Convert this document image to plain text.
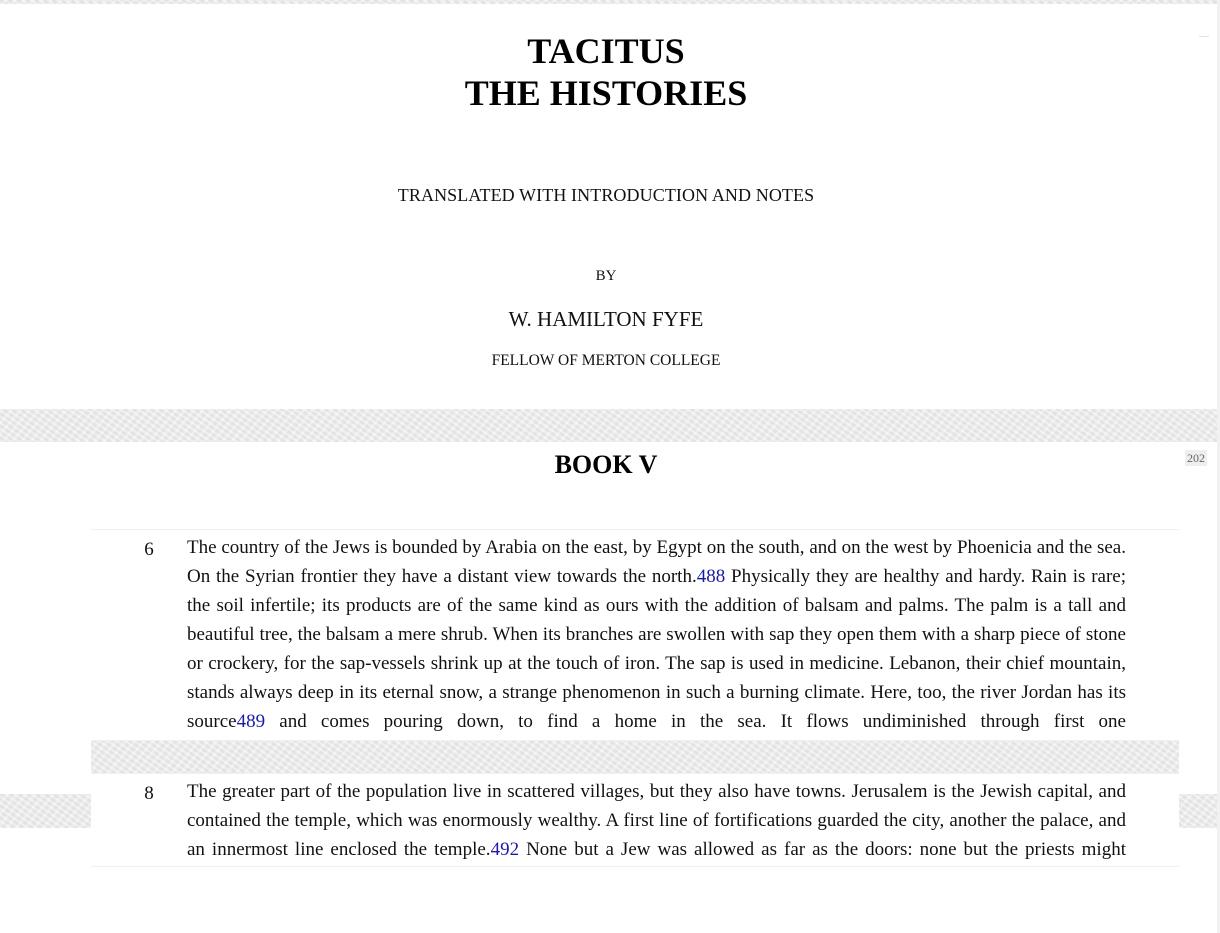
TACITUS
THE HISTORIES
TRANSLATED WITH INTRODUCTION AND NOTES
BY
W. HAMILTON FYFE
FELLOW OF MERTON COLLEGE
BOOK V	202
6	The country of the Jews is bounded by Arabia on the east, by Egypt on the south, and on the west by Phoenicia and the sea. On the Syrian frontier they have a distant view towards the north.488 Physically they are healthy and hardy. Rain is rare; the soil infertile; its products are of the same kind as ours with the addition of balsam and palms. The palm is a tall and beautiful tree, the balsam a mere shrub. When its branches are swollen with sap they open them with a sharp piece of stone or crockery, for the sap-vessels shrink up at the touch of iron. The sap is used in medicine. Lebanon, their chief mountain, stands always deep in its eternal snow, a strange phenomenon in such a burning climate. Here, too, the river Jordan has its source489 and comes pouring down, to find a home in the sea. It flows undiminished through first one

8	The greater part of the population live in scattered villages, but they also have towns. Jerusalem is the Jewish capital, and contained the temple, which was enormously wealthy. A first line of fortifications guarded the city, another the palace, and an innermost line enclosed the temple.492 None but a Jew was allowed as far as the doors: none but the priests might
